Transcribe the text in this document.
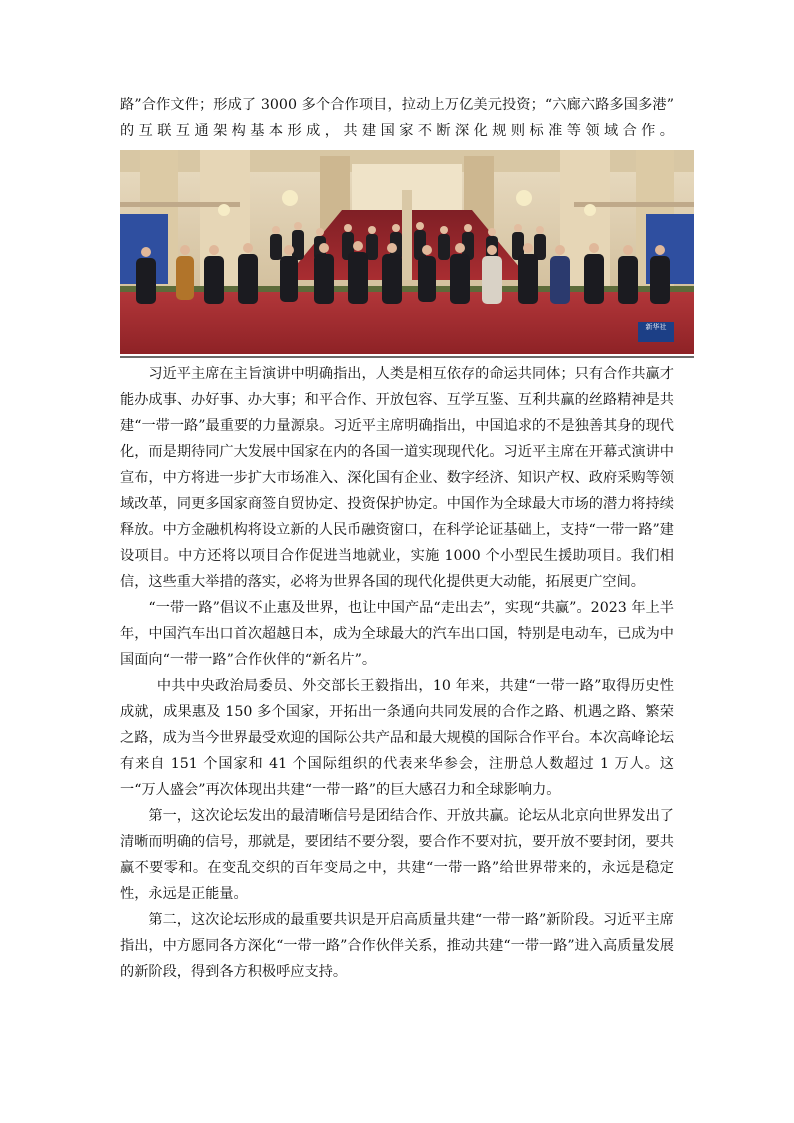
路”合作文件；形成了 3000 多个合作项目，拉动上万亿美元投资；“六廊六路多国多港”

的互联互通架构基本形成，共建国家不断深化规则标准等领域合作。

新华社

习近平主席在主旨演讲中明确指出，人类是相互依存的命运共同体；只有合作共赢才能办成事、办好事、办大事；和平合作、开放包容、互学互鉴、互利共赢的丝路精神是共建“一带一路”最重要的力量源泉。习近平主席明确指出，中国追求的不是独善其身的现代化，而是期待同广大发展中国家在内的各国一道实现现代化。习近平主席在开幕式演讲中宣布，中方将进一步扩大市场准入、深化国有企业、数字经济、知识产权、政府采购等领域改革，同更多国家商签自贸协定、投资保护协定。中国作为全球最大市场的潜力将持续释放。中方金融机构将设立新的人民币融资窗口，在科学论证基础上，支持“一带一路”建设项目。中方还将以项目合作促进当地就业，实施 1000 个小型民生援助项目。我们相信，这些重大举措的落实，必将为世界各国的现代化提供更大动能，拓展更广空间。

“一带一路”倡议不止惠及世界，也让中国产品“走出去”，实现“共赢”。2023 年上半年，中国汽车出口首次超越日本，成为全球最大的汽车出口国，特别是电动车，已成为中国面向“一带一路”合作伙伴的“新名片”。

中共中央政治局委员、外交部长王毅指出，10 年来，共建“一带一路”取得历史性成就，成果惠及 150 多个国家，开拓出一条通向共同发展的合作之路、机遇之路、繁荣之路，成为当今世界最受欢迎的国际公共产品和最大规模的国际合作平台。本次高峰论坛有来自 151 个国家和 41 个国际组织的代表来华参会，注册总人数超过 1 万人。这一“万人盛会”再次体现出共建“一带一路”的巨大感召力和全球影响力。

第一，这次论坛发出的最清晰信号是团结合作、开放共赢。论坛从北京向世界发出了清晰而明确的信号，那就是，要团结不要分裂，要合作不要对抗，要开放不要封闭，要共赢不要零和。在变乱交织的百年变局之中，共建“一带一路”给世界带来的，永远是稳定性，永远是正能量。

第二，这次论坛形成的最重要共识是开启高质量共建“一带一路”新阶段。习近平主席指出，中方愿同各方深化“一带一路”合作伙伴关系，推动共建“一带一路”进入高质量发展的新阶段，得到各方积极呼应支持。
